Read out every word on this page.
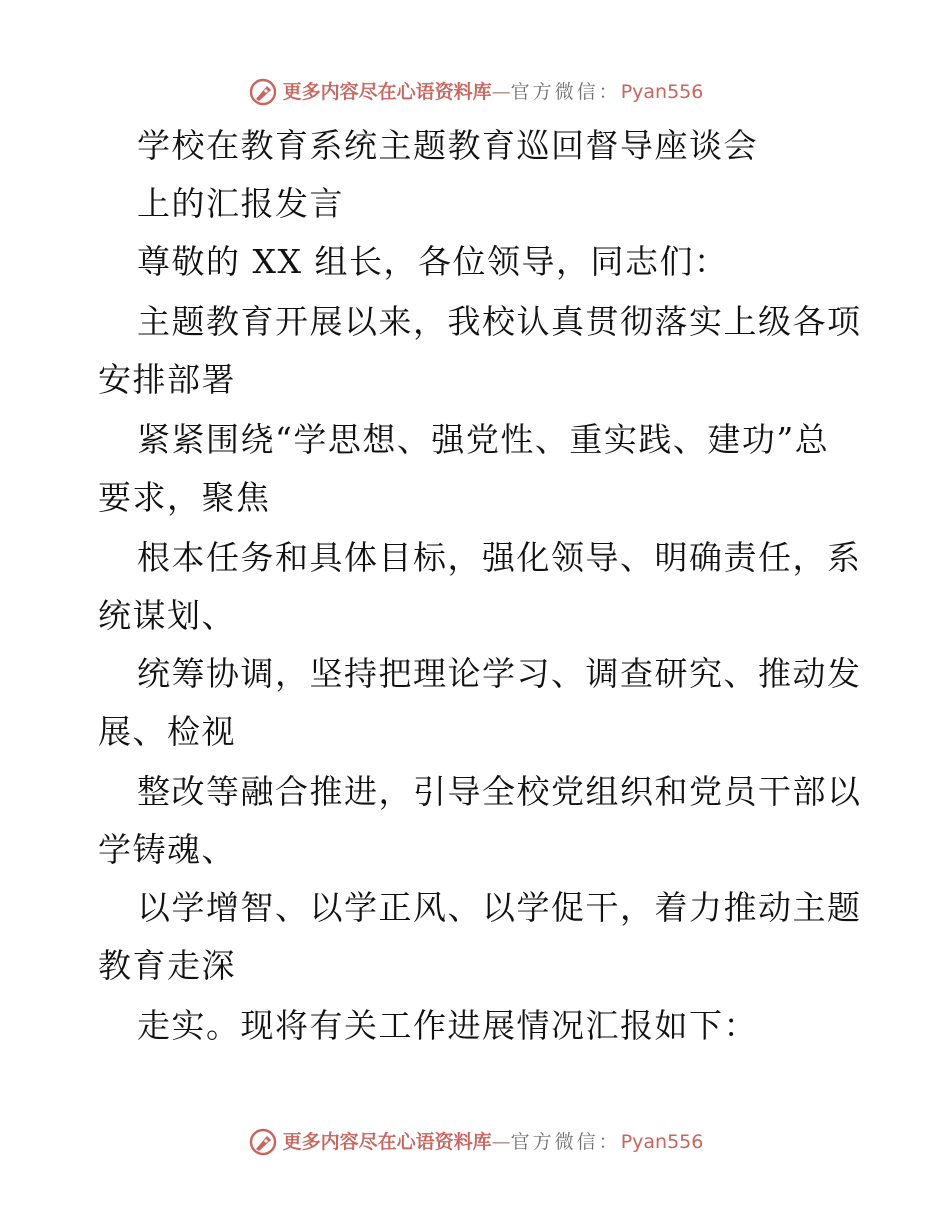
更多内容尽在心语资料库 — 官方微信： Pyan556
学校在教育系统主题教育巡回督导座谈会
上的汇报发言
尊敬的 XX 组长，各位领导，同志们：
主题教育开展以来，我校认真贯彻落实上级各项
安排部署
紧紧围绕“学思想、强党性、重实践、建功”总
要求，聚焦
根本任务和具体目标，强化领导、明确责任，系
统谋划、
统筹协调，坚持把理论学习、调查研究、推动发
展、检视
整改等融合推进，引导全校党组织和党员干部以
学铸魂、
以学增智、以学正风、以学促干，着力推动主题
教育走深
走实。现将有关工作进展情况汇报如下：
更多内容尽在心语资料库 — 官方微信： Pyan556
